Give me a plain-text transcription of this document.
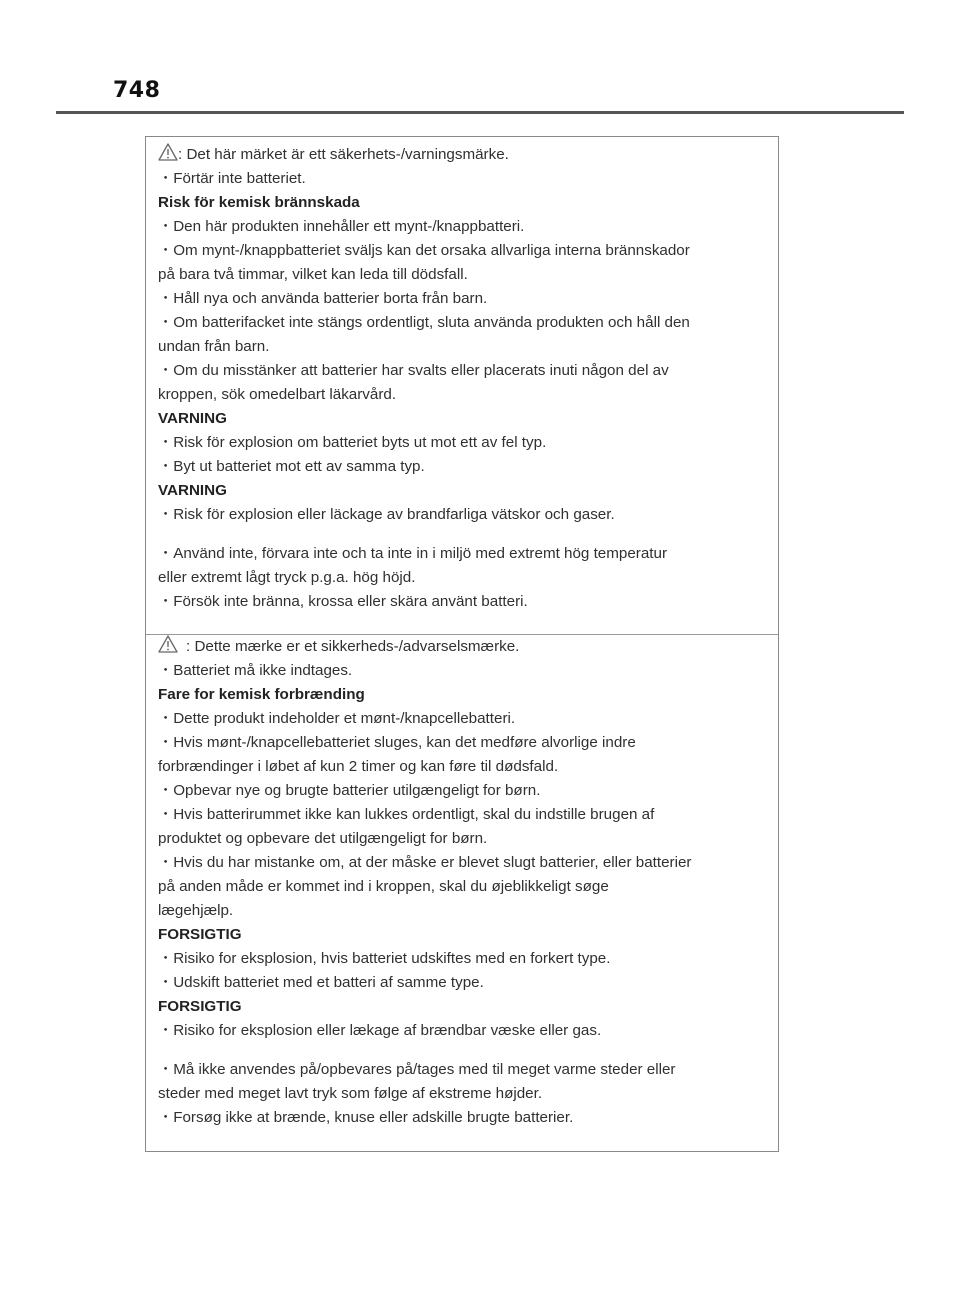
748
: Det här märket är ett säkerhets-/varningsmärke.
・Förtär inte batteriet.
Risk för kemisk brännskada
・Den här produkten innehåller ett mynt-/knappbatteri.
・Om mynt-/knappbatteriet sväljs kan det orsaka allvarliga interna brännskador
på bara två timmar, vilket kan leda till dödsfall.
・Håll nya och använda batterier borta från barn.
・Om batterifacket inte stängs ordentligt, sluta använda produkten och håll den
undan från barn.
・Om du misstänker att batterier har svalts eller placerats inuti någon del av
kroppen, sök omedelbart läkarvård.
VARNING
・Risk för explosion om batteriet byts ut mot ett av fel typ.
・Byt ut batteriet mot ett av samma typ.
VARNING
・Risk för explosion eller läckage av brandfarliga vätskor och gaser.
・Använd inte, förvara inte och ta inte in i miljö med extremt hög temperatur
eller extremt lågt tryck p.g.a. hög höjd.
・Försök inte bränna, krossa eller skära använt batteri.
: Dette mærke er et sikkerheds-/advarselsmærke.
・Batteriet må ikke indtages.
Fare for kemisk forbrænding
・Dette produkt indeholder et mønt-/knapcellebatteri.
・Hvis mønt-/knapcellebatteriet sluges, kan det medføre alvorlige indre
forbrændinger i løbet af kun 2 timer og kan føre til dødsfald.
・Opbevar nye og brugte batterier utilgængeligt for børn.
・Hvis batterirummet ikke kan lukkes ordentligt, skal du indstille brugen af
produktet og opbevare det utilgængeligt for børn.
・Hvis du har mistanke om, at der måske er blevet slugt batterier, eller batterier
på anden måde er kommet ind i kroppen, skal du øjeblikkeligt søge
lægehjælp.
FORSIGTIG
・Risiko for eksplosion, hvis batteriet udskiftes med en forkert type.
・Udskift batteriet med et batteri af samme type.
FORSIGTIG
・Risiko for eksplosion eller lækage af brændbar væske eller gas.
・Må ikke anvendes på/opbevares på/tages med til meget varme steder eller
steder med meget lavt tryk som følge af ekstreme højder.
・Forsøg ikke at brænde, knuse eller adskille brugte batterier.
